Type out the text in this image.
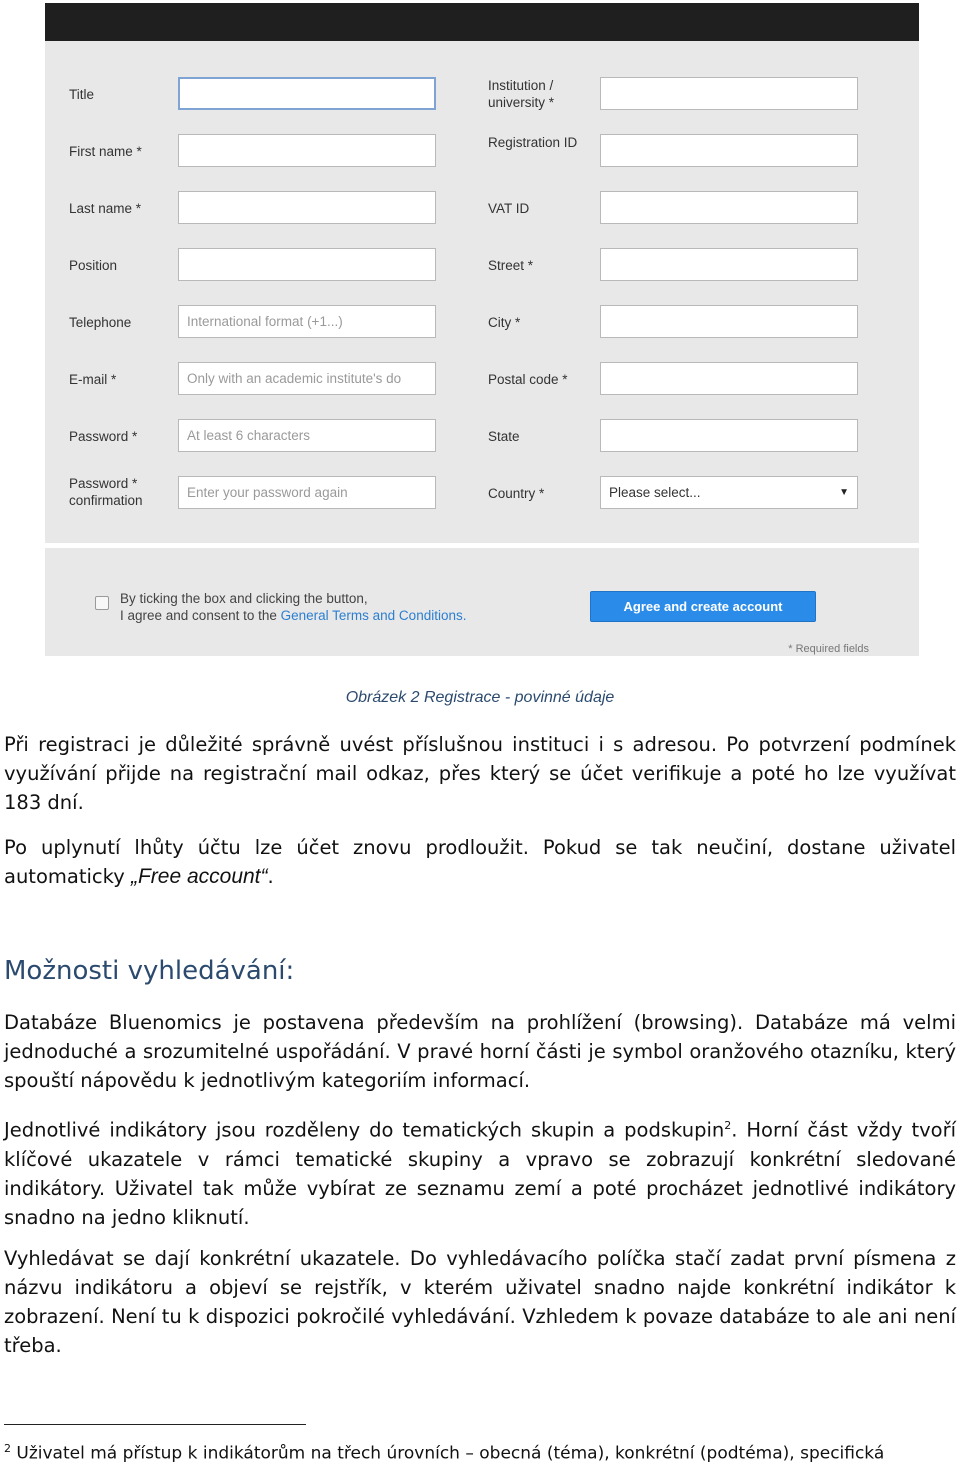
Title
First name *
Last name *
Position
Telephone
International format (+1...)
E-mail *
Only with an academic institute's do
Password *
Password * confirmation
Institution / university *
Registration ID
VAT ID
Street *
City *
Postal code *
State
Country *	Please select...	▼
By ticking the box and clicking the button,
I agree and consent to the General Terms and Conditions.
Agree and create account
* Required fields
Obrázek 2 Registrace - povinné údaje

Při registraci je důležité správně uvést příslušnou instituci i s adresou. Po potvrzení podmínek využívání přijde na registrační mail odkaz, přes který se účet verifikuje a poté ho lze využívat 183 dní.

Po uplynutí lhůty účtu lze účet znovu prodloužit. Pokud se tak neučiní, dostane uživatel automaticky „Free account“.

Možnosti vyhledávání:

Databáze Bluenomics je postavena především na prohlížení (browsing). Databáze má velmi jednoduché a srozumitelné uspořádání. V pravé horní části je symbol oranžového otazníku, který spouští nápovědu k jednotlivým kategoriím informací.

Jednotlivé indikátory jsou rozděleny do tematických skupin a podskupin$^2$. Horní část vždy tvoří klíčové ukazatele v rámci tematické skupiny a vpravo se zobrazují konkrétní sledované indikátory. Uživatel tak může vybírat ze seznamu zemí a poté procházet jednotlivé indikátory snadno na jedno kliknutí.

Vyhledávat se dají konkrétní ukazatele. Do vyhledávacího políčka stačí zadat první písmena z názvu indikátoru a objeví se rejstřík, v kterém uživatel snadno najde konkrétní indikátor k zobrazení. Není tu k dispozici pokročilé vyhledávání. Vzhledem k povaze databáze to ale ani není třeba.

$^2$ Uživatel má přístup k indikátorům na třech úrovních – obecná (téma), konkrétní (podtéma), specifická
